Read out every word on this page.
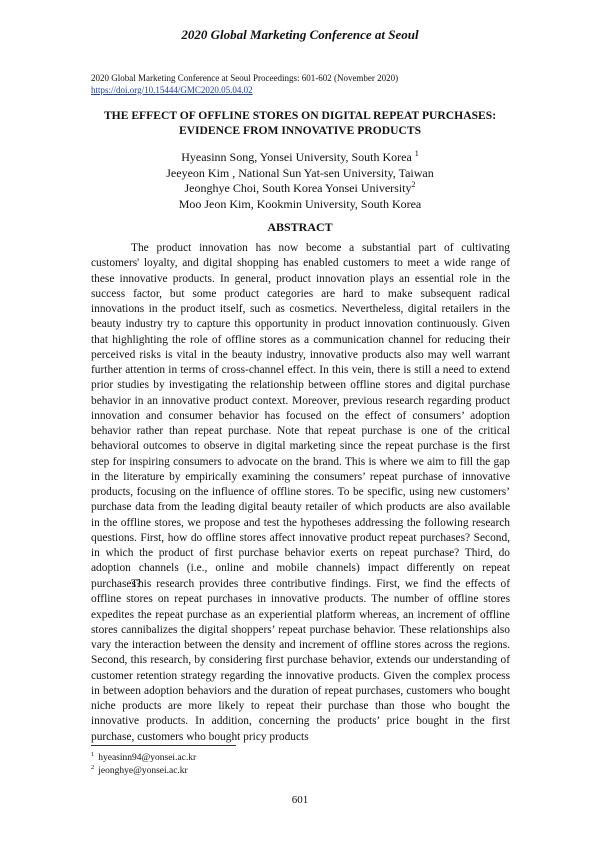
2020 Global Marketing Conference at Seoul
2020 Global Marketing Conference at Seoul Proceedings: 601-602 (November 2020)
https://doi.org/10.15444/GMC2020.05.04.02
THE EFFECT OF OFFLINE STORES ON DIGITAL REPEAT PURCHASES:
EVIDENCE FROM INNOVATIVE PRODUCTS
Hyeasinn Song, Yonsei University, South Korea $^1$
Jeeyeon Kim , National Sun Yat-sen University, Taiwan
Jeonghye Choi, South Korea Yonsei University$^2$
Moo Jeon Kim, Kookmin University, South Korea
ABSTRACT

The product innovation has now become a substantial part of cultivating customers' loyalty, and digital shopping has enabled customers to meet a wide range of these innovative products. In general, product innovation plays an essential role in the success factor, but some product categories are hard to make subsequent radical innovations in the product itself, such as cosmetics. Nevertheless, digital retailers in the beauty industry try to capture this opportunity in product innovation continuously. Given that highlighting the role of offline stores as a communication channel for reducing their perceived risks is vital in the beauty industry, innovative products also may well warrant further attention in terms of cross-channel effect. In this vein, there is still a need to extend prior studies by investigating the relationship between offline stores and digital purchase behavior in an innovative product context. Moreover, previous research regarding product innovation and consumer behavior has focused on the effect of consumers’ adoption behavior rather than repeat purchase. Note that repeat purchase is one of the critical behavioral outcomes to observe in digital marketing since the repeat purchase is the first step for inspiring consumers to advocate on the brand. This is where we aim to fill the gap in the literature by empirically examining the consumers’ repeat purchase of innovative products, focusing on the influence of offline stores. To be specific, using new customers’ purchase data from the leading digital beauty retailer of which products are also available in the offline stores, we propose and test the hypotheses addressing the following research questions. First, how do offline stores affect innovative product repeat purchases? Second, in which the product of first purchase behavior exerts on repeat purchase? Third, do adoption channels (i.e., online and mobile channels) impact differently on repeat purchases?

This research provides three contributive findings. First, we find the effects of offline stores on repeat purchases in innovative products. The number of offline stores expedites the repeat purchase as an experiential platform whereas, an increment of offline stores cannibalizes the digital shoppers’ repeat purchase behavior. These relationships also vary the interaction between the density and increment of offline stores across the regions. Second, this research, by considering first purchase behavior, extends our understanding of customer retention strategy regarding the innovative products. Given the complex process in between adoption behaviors and the duration of repeat purchases, customers who bought niche products are more likely to repeat their purchase than those who bought the innovative products. In addition, concerning the products’ price bought in the first purchase, customers who bought pricy products

$^1$ hyeasinn94@yonsei.ac.kr
$^2$ jeonghye@yonsei.ac.kr
601
